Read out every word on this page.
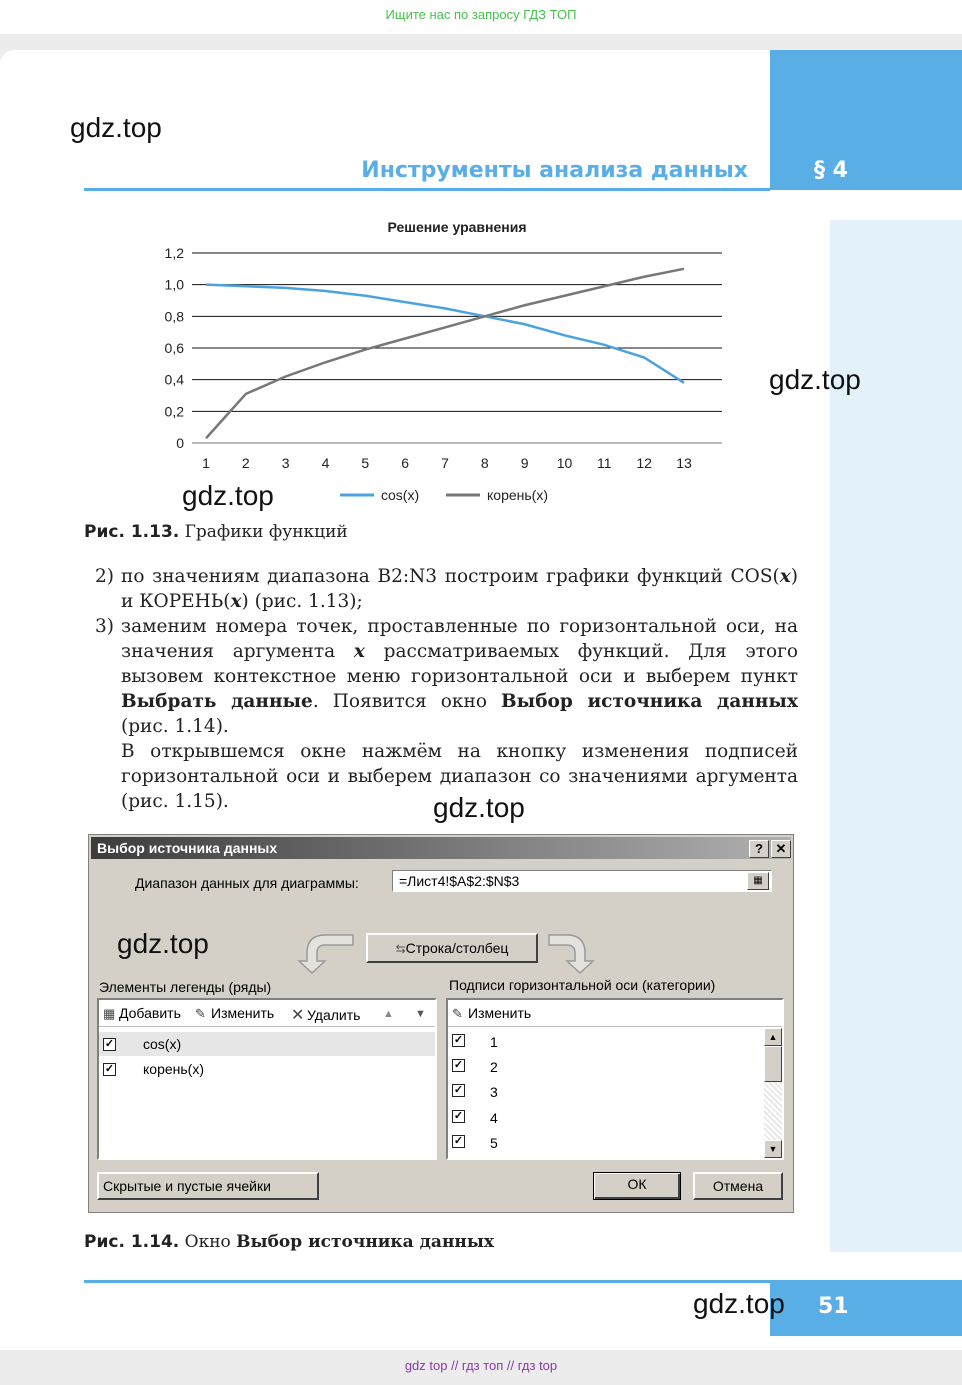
Ищите нас по запросу ГДЗ ТОП
Инструменты анализа данных	§ 4
gdz.top
gdz.top
gdz.top
gdz.top
gdz.top
gdz.top
Решение уравнения
0
0,2
0,4
0,6
0,8
1,0
1,2
1 2 3 4 5 6 7 8 9 10 11 12 13
cos(x)	корень(x)
Рис. 1.13. Графики функций
2) по значениям диапазона B2:N3 построим графики функций COS(x) и КОРЕНЬ(x) (рис. 1.13);
3) заменим номера точек, проставленные по горизонтальной оси, на значения аргумента x рассматриваемых функций. Для этого вызовем контекстное меню горизонтальной оси и выберем пункт Выбрать данные. Появится окно Выбор источника данных (рис. 1.14).
В открывшемся окне нажмём на кнопку изменения подписей горизонтальной оси и выберем диапазон со значениями аргумента (рис. 1.15).
Выбор источника данных	? ✕
Диапазон данных для диаграммы:	=Лист4!$A$2:$N$3	▦
⇆Строка/столбец
Элементы легенды (ряды)
▦ Добавить ✎ Изменить ✕ Удалить ▲ ▼
✓ cos(x)
✓ корень(x)
Подписи горизонтальной оси (категории)
✎ Изменить
▲
▼
✓ 1
✓ 2
✓ 3
✓ 4
✓ 5
Скрытые и пустые ячейки	ОК	Отмена
Рис. 1.14. Окно Выбор источника данных
51
gdz top // гдз топ // гдз top
